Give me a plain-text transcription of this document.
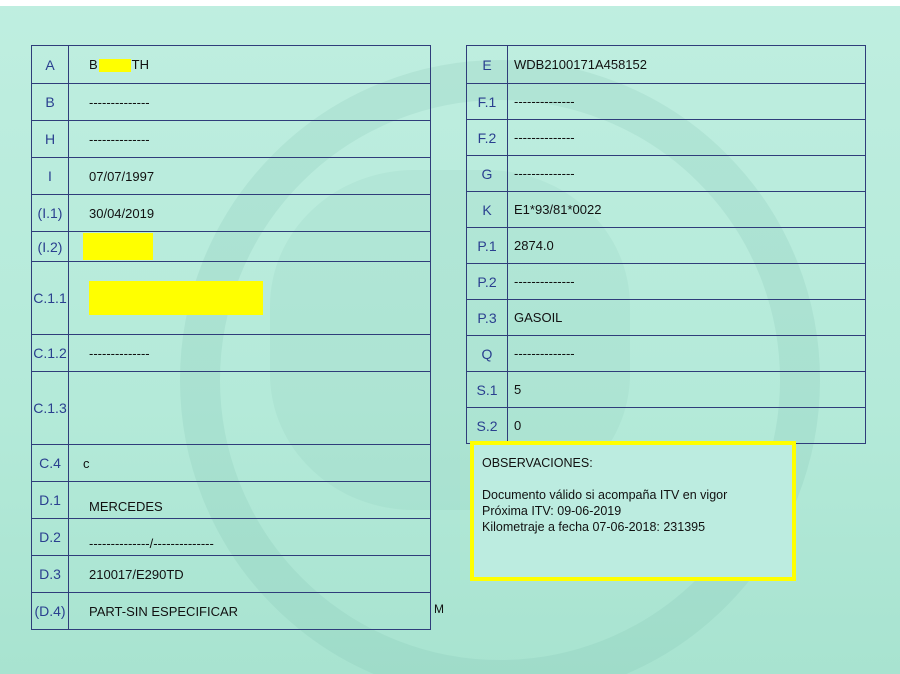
A	B TH
B	--------------
H	--------------
I	07/07/1997
(I.1)	30/04/2019
(I.2)	
C.1.1	
C.1.2	--------------
C.1.3	
C.4	c
D.1	MERCEDES
D.2	--------------/--------------
D.3	210017/E290TD
(D.4)	PART-SIN ESPECIFICAR
E	WDB2100171A458152
F.1	--------------
F.2	--------------
G	--------------
K	E1*93/81*0022
P.1	2874.0
P.2	--------------
P.3	GASOIL
Q	--------------
S.1	5
S.2	0
OBSERVACIONES:
Documento válido si acompaña ITV en vigor
Próxima ITV: 09-06-2019
Kilometraje a fecha 07-06-2018: 231395
M
